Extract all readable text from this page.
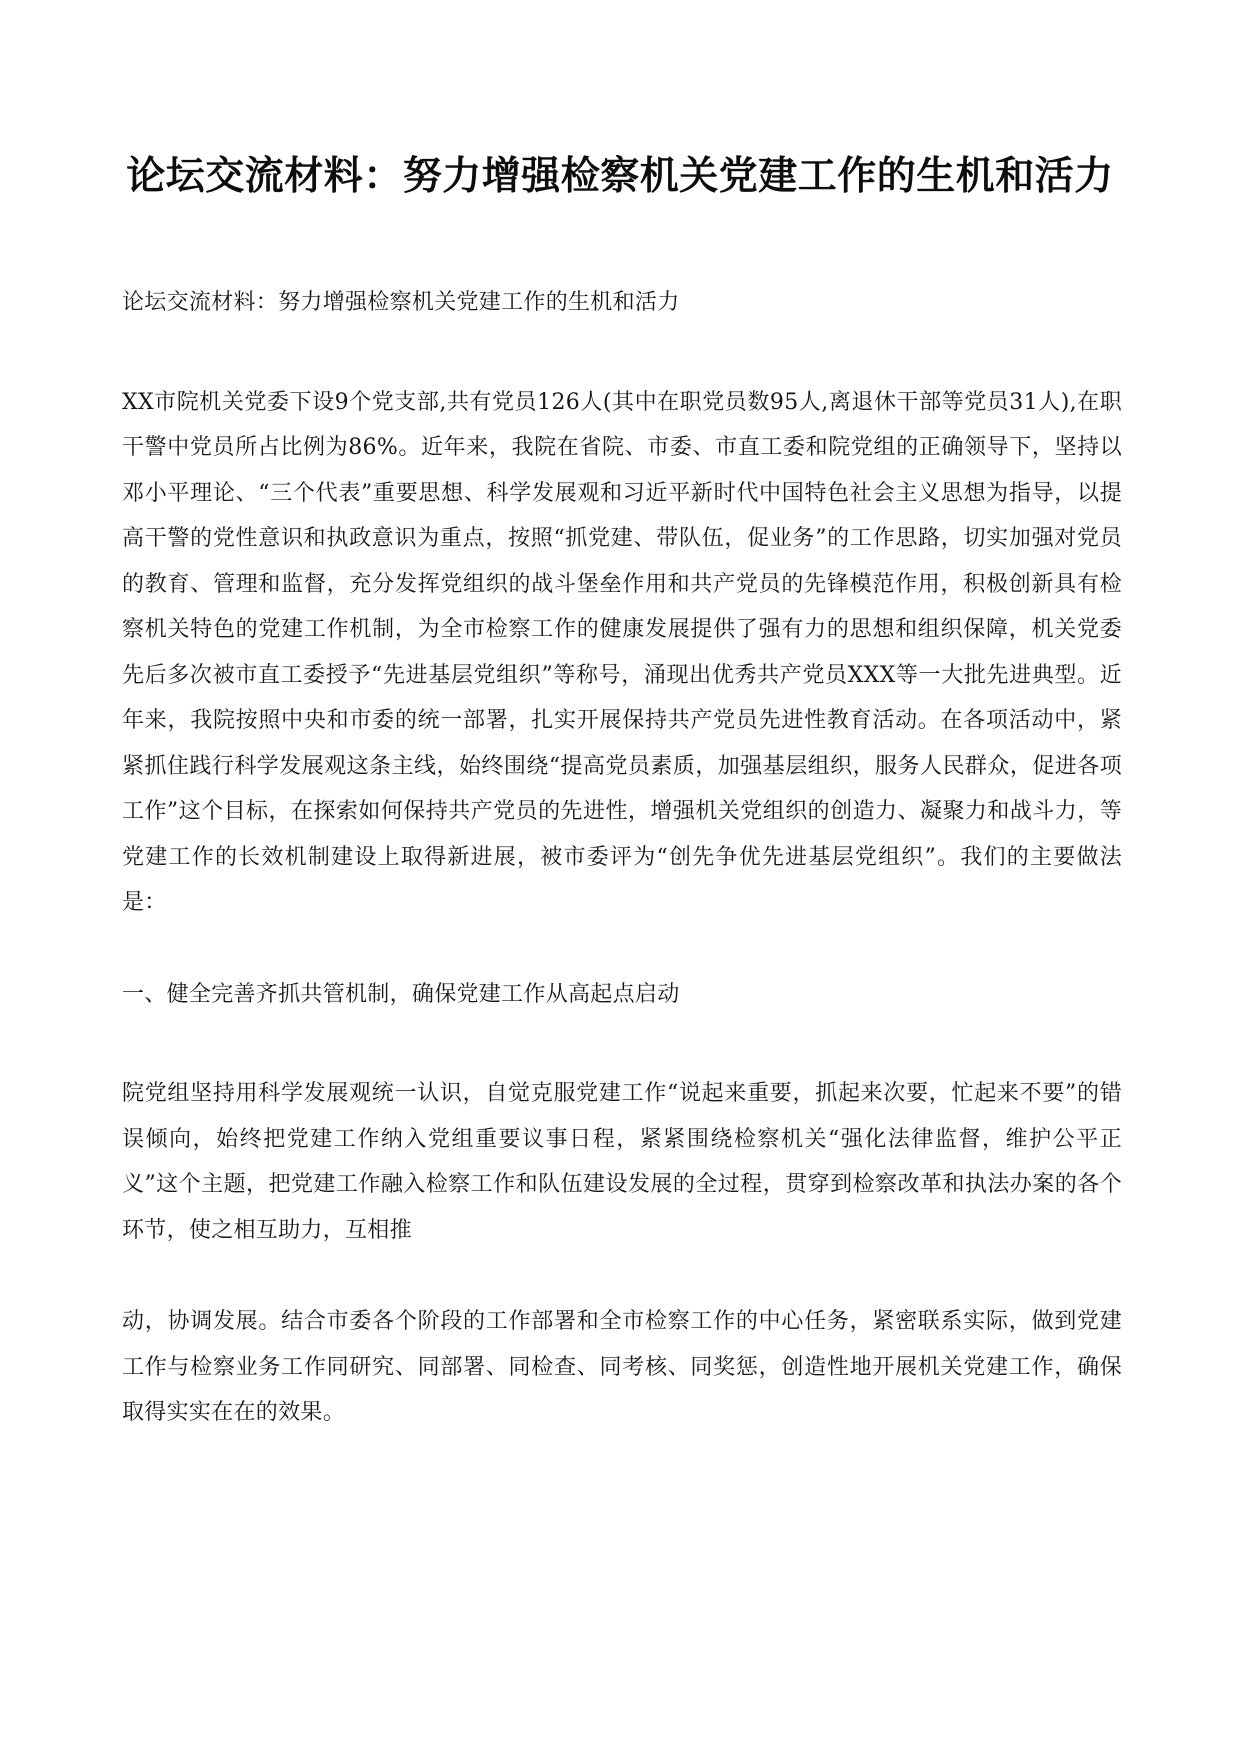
论坛交流材料：努力增强检察机关党建工作的生机和活力

论坛交流材料：努力增强检察机关党建工作的生机和活力

XX市院机关党委下设9个党支部,共有党员126人(其中在职党员数95人,离退休干部等党员31人),在职干警中党员所占比例为86%。近年来，我院在省院、市委、市直工委和院党组的正确领导下，坚持以邓小平理论、“三个代表”重要思想、科学发展观和习近平新时代中国特色社会主义思想为指导，以提高干警的党性意识和执政意识为重点，按照“抓党建、带队伍，促业务”的工作思路，切实加强对党员的教育、管理和监督，充分发挥党组织的战斗堡垒作用和共产党员的先锋模范作用，积极创新具有检察机关特色的党建工作机制，为全市检察工作的健康发展提供了强有力的思想和组织保障，机关党委先后多次被市直工委授予“先进基层党组织”等称号，涌现出优秀共产党员XXX等一大批先进典型。近年来，我院按照中央和市委的统一部署，扎实开展保持共产党员先进性教育活动。在各项活动中，紧紧抓住践行科学发展观这条主线，始终围绕“提高党员素质，加强基层组织，服务人民群众，促进各项工作”这个目标，在探索如何保持共产党员的先进性，增强机关党组织的创造力、凝聚力和战斗力，等党建工作的长效机制建设上取得新进展，被市委评为“创先争优先进基层党组织”。我们的主要做法是：

一、健全完善齐抓共管机制，确保党建工作从高起点启动

院党组坚持用科学发展观统一认识，自觉克服党建工作“说起来重要，抓起来次要，忙起来不要”的错误倾向，始终把党建工作纳入党组重要议事日程，紧紧围绕检察机关“强化法律监督，维护公平正义”这个主题，把党建工作融入检察工作和队伍建设发展的全过程，贯穿到检察改革和执法办案的各个环节，使之相互助力，互相推

动，协调发展。结合市委各个阶段的工作部署和全市检察工作的中心任务，紧密联系实际，做到党建工作与检察业务工作同研究、同部署、同检查、同考核、同奖惩，创造性地开展机关党建工作，确保取得实实在在的效果。
